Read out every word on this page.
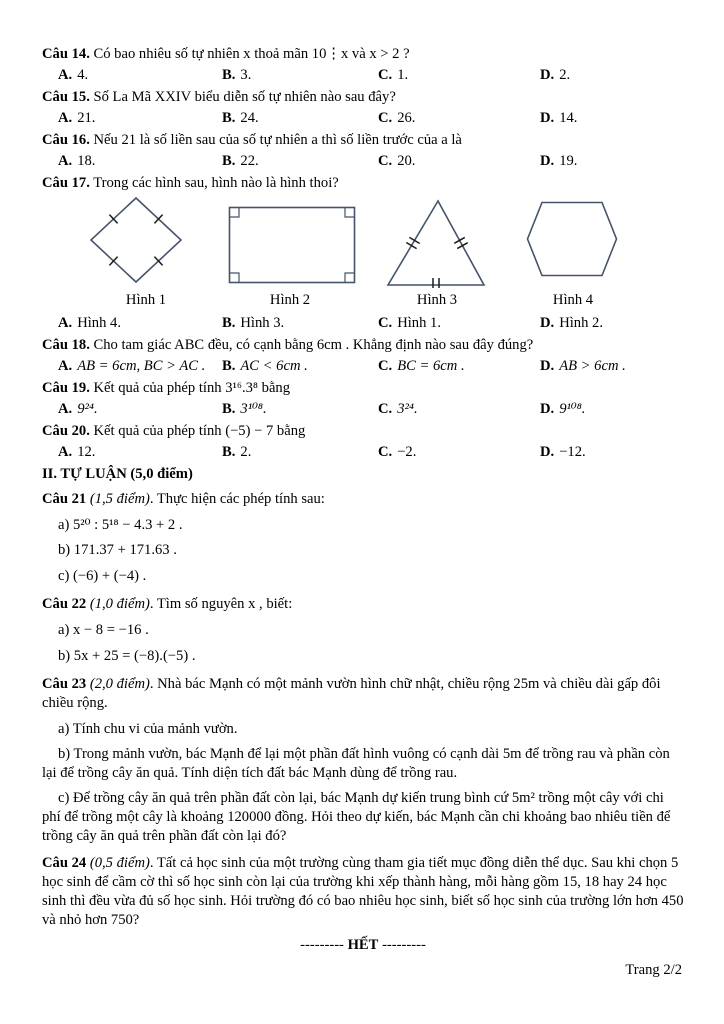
Câu 14. Có bao nhiêu số tự nhiên x thoả mãn 10⋮x và x > 2 ?

A. 4.	B. 3.	C. 1.	D. 2.

Câu 15. Số La Mã XXIV biểu diễn số tự nhiên nào sau đây?

A. 21.	B. 24.	C. 26.	D. 14.

Câu 16. Nếu 21 là số liền sau của số tự nhiên a thì số liền trước của a là

A. 18.	B. 22.	C. 20.	D. 19.

Câu 17. Trong các hình sau, hình nào là hình thoi?

Hình 1	Hình 2	Hình 3	Hình 4
A. Hình 4.	B. Hình 3.	C. Hình 1.	D. Hình 2.

Câu 18. Cho tam giác ABC đều, có cạnh bằng 6cm . Khẳng định nào sau đây đúng?

A. AB = 6cm, BC > AC .	B. AC < 6cm .	C. BC = 6cm .	D. AB > 6cm .

Câu 19. Kết quả của phép tính 3¹⁶.3⁸ bằng

A. 9²⁴.	B. 3¹⁰⁸.	C. 3²⁴.	D. 9¹⁰⁸.

Câu 20. Kết quả của phép tính (−5) − 7 bằng

A. 12.	B. 2.	C. −2.	D. −12.

II. TỰ LUẬN (5,0 điểm)

Câu 21 (1,5 điểm). Thực hiện các phép tính sau:

a) 5²⁰ : 5¹⁸ − 4.3 + 2 .

b) 171.37 + 171.63 .

c) (−6) + (−4) .

Câu 22 (1,0 điểm). Tìm số nguyên x , biết:

a) x − 8 = −16 .

b) 5x + 25 = (−8).(−5) .

Câu 23 (2,0 điểm). Nhà bác Mạnh có một mảnh vườn hình chữ nhật, chiều rộng 25m và chiều dài gấp đôi chiều rộng.

a) Tính chu vi của mảnh vườn.

b) Trong mảnh vườn, bác Mạnh để lại một phần đất hình vuông có cạnh dài 5m để trồng rau và phần còn lại để trồng cây ăn quả. Tính diện tích đất bác Mạnh dùng để trồng rau.

c) Để trồng cây ăn quả trên phần đất còn lại, bác Mạnh dự kiến trung bình cứ 5m² trồng một cây với chi phí để trồng một cây là khoảng 120000 đồng. Hỏi theo dự kiến, bác Mạnh cần chi khoảng bao nhiêu tiền để trồng cây ăn quả trên phần đất còn lại đó?

Câu 24 (0,5 điểm). Tất cả học sinh của một trường cùng tham gia tiết mục đồng diễn thể dục. Sau khi chọn 5 học sinh để cầm cờ thì số học sinh còn lại của trường khi xếp thành hàng, mỗi hàng gồm 15, 18 hay 24 học sinh thì đều vừa đủ số học sinh. Hỏi trường đó có bao nhiêu học sinh, biết số học sinh của trường lớn hơn 450 và nhỏ hơn 750?

--------- HẾT ---------

Trang 2/2
